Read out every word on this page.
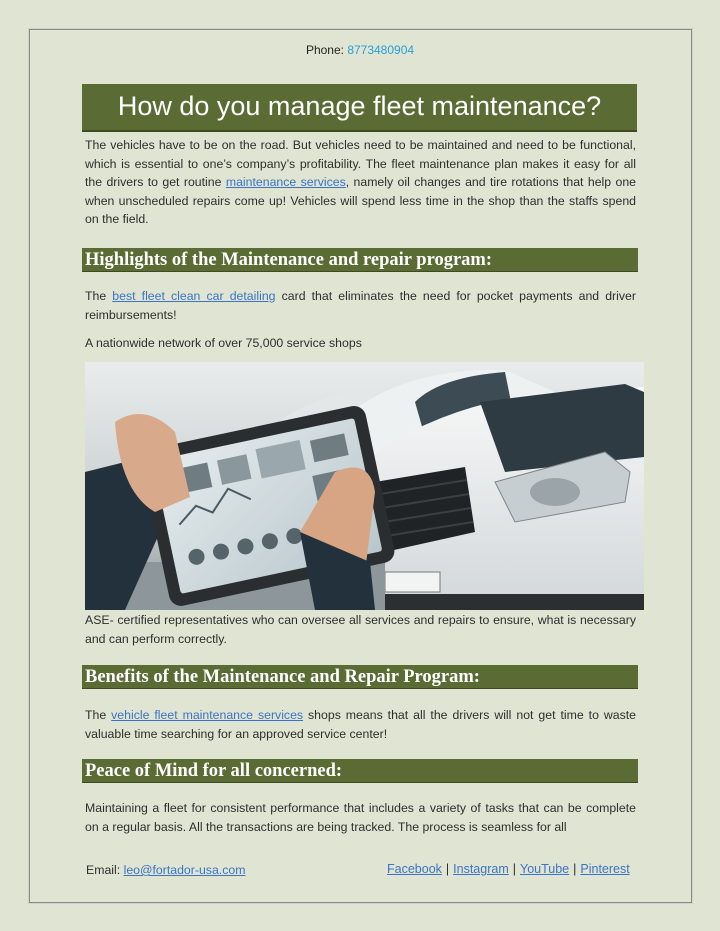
Phone: 8773480904
How do you manage fleet maintenance?
The vehicles have to be on the road. But vehicles need to be maintained and need to be functional, which is essential to one’s company’s profitability. The fleet maintenance plan makes it easy for all the drivers to get routine maintenance services, namely oil changes and tire rotations that help one when unscheduled repairs come up! Vehicles will spend less time in the shop than the staffs spend on the field.
Highlights of the Maintenance and repair program:
The best fleet clean car detailing card that eliminates the need for pocket payments and driver reimbursements!
A nationwide network of over 75,000 service shops
ASE- certified representatives who can oversee all services and repairs to ensure, what is necessary and can perform correctly.
Benefits of the Maintenance and Repair Program:
The vehicle fleet maintenance services shops means that all the drivers will not get time to waste valuable time searching for an approved service center!
Peace of Mind for all concerned:
Maintaining a fleet for consistent performance that includes a variety of tasks that can be complete on a regular basis. All the transactions are being tracked. The process is seamless for all
Email: leo@fortador-usa.com	Facebook | Instagram | YouTube | Pinterest
